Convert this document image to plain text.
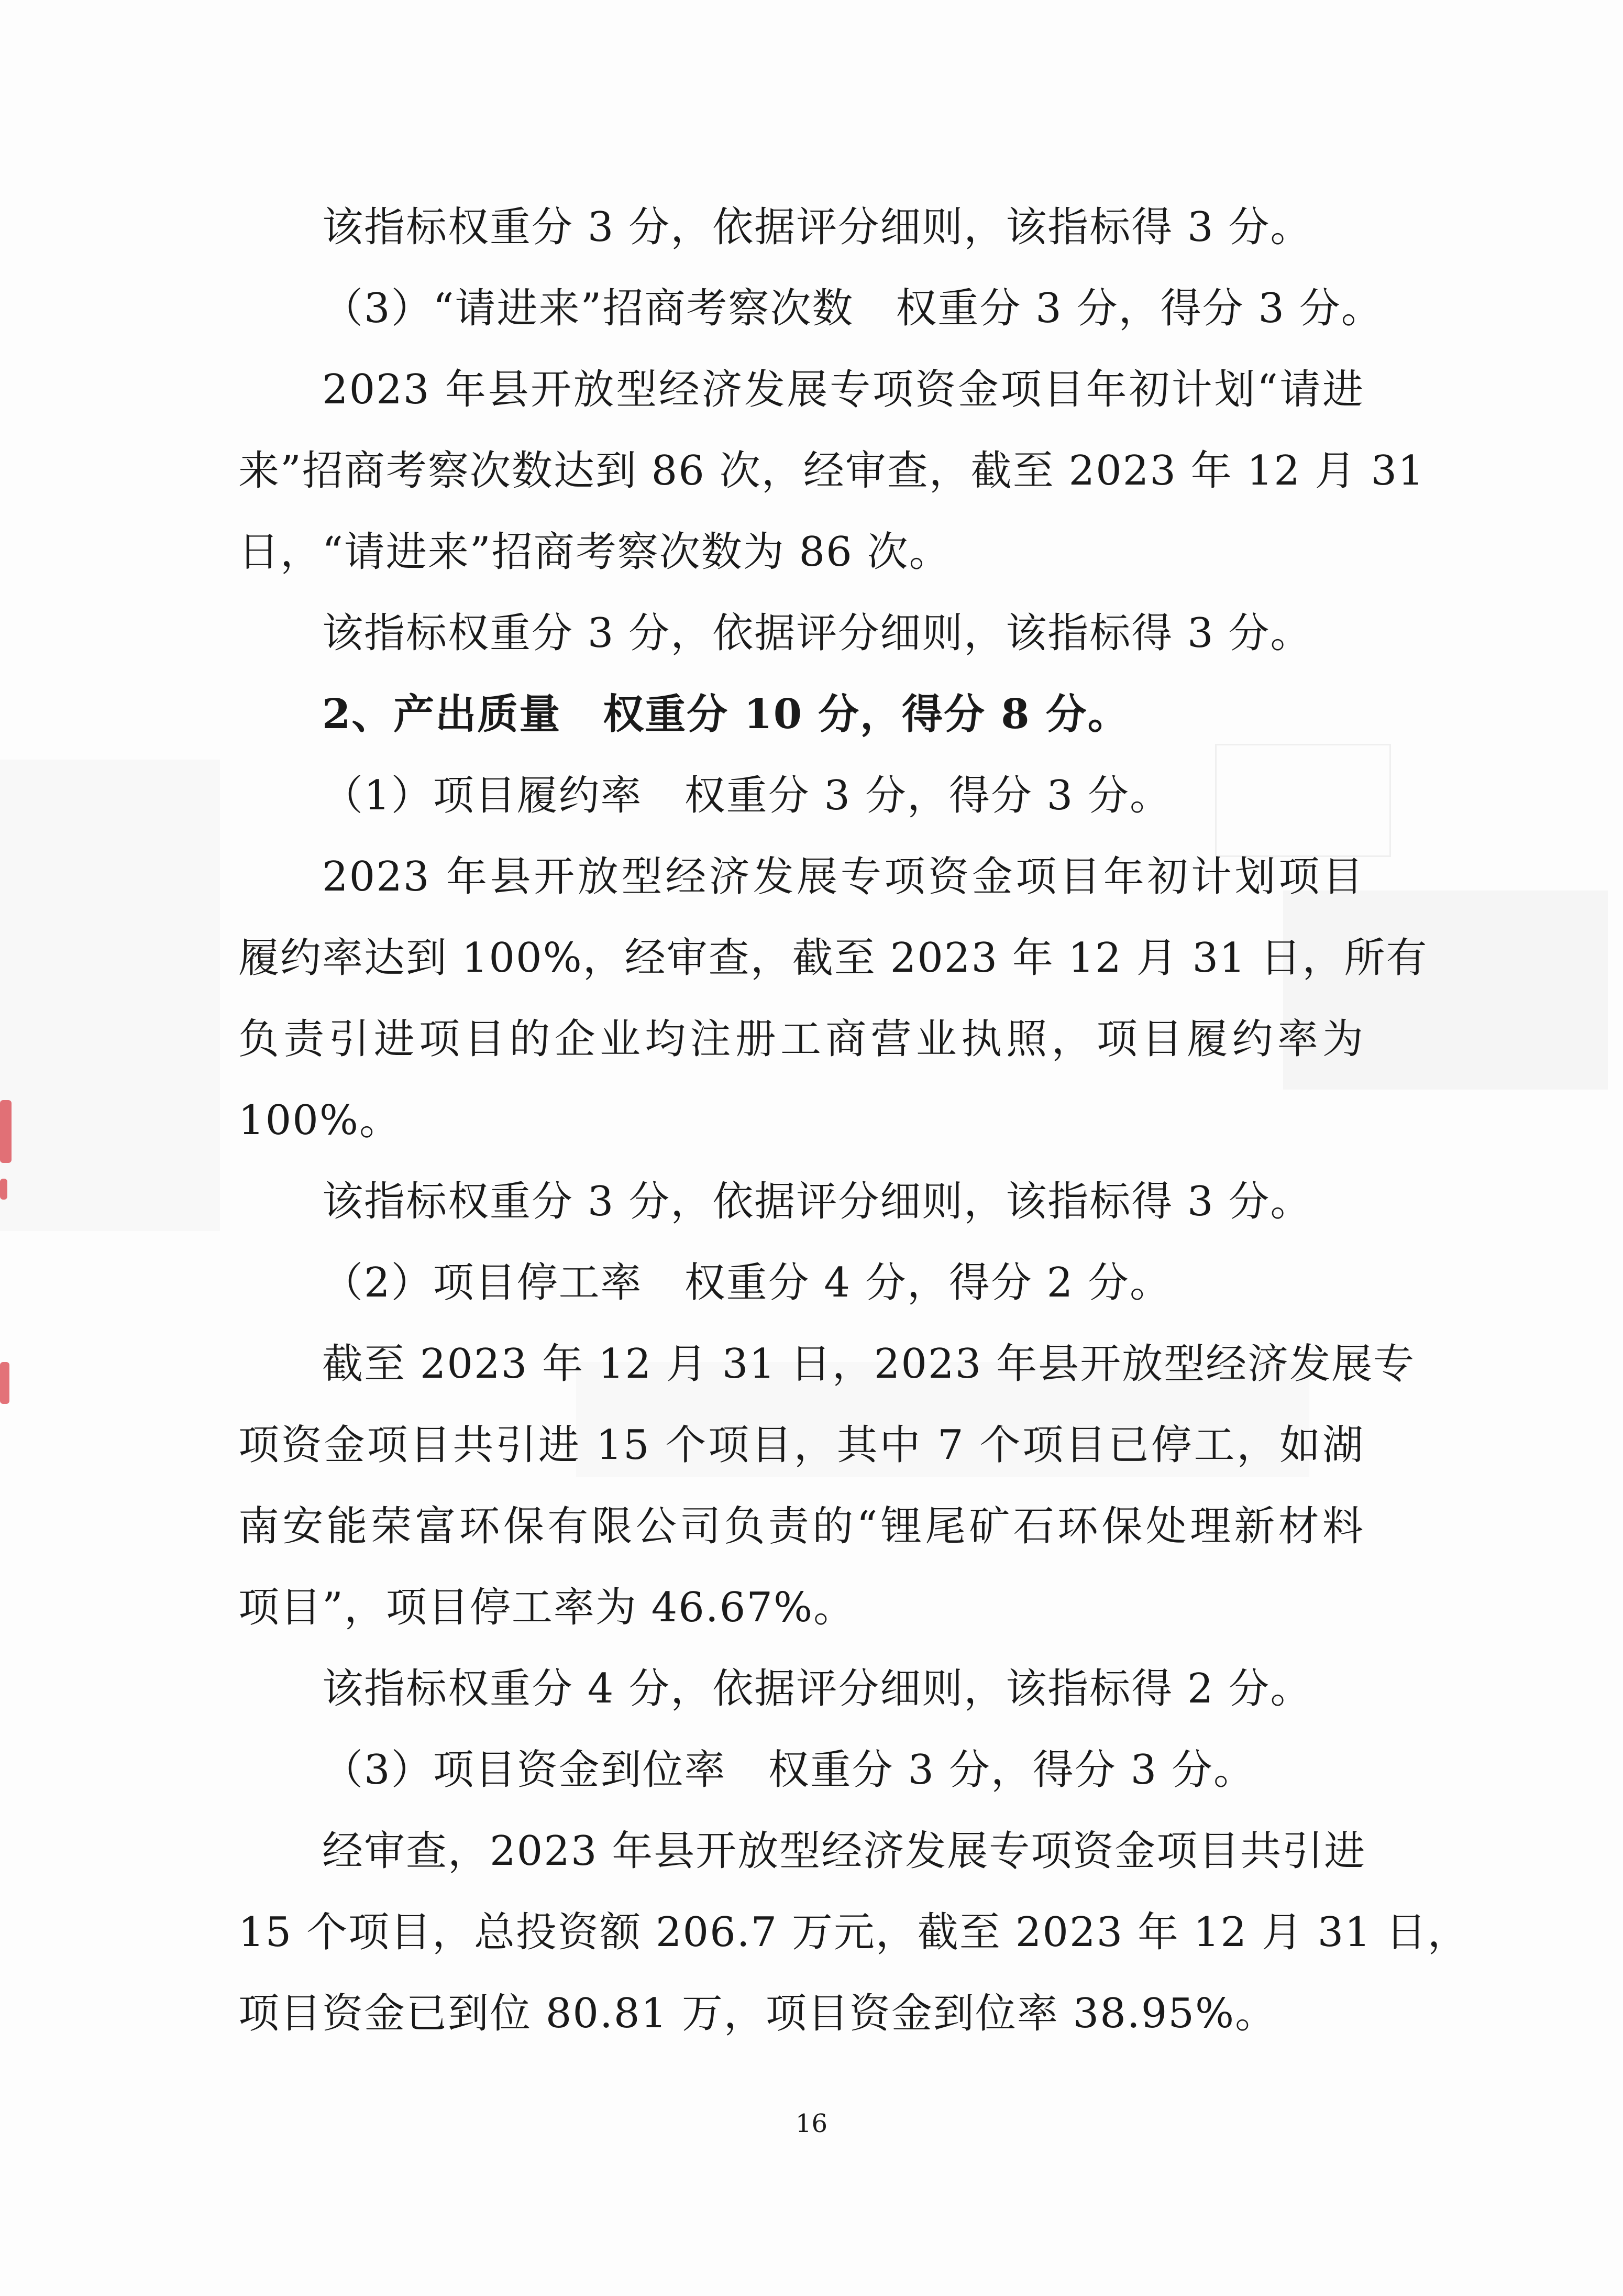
该指标权重分 3 分，依据评分细则，该指标得 3 分。
（3）“请进来”招商考察次数　权重分 3 分，得分 3 分。
2023 年县开放型经济发展专项资金项目年初计划“请进
来”招商考察次数达到 86 次，经审查，截至 2023 年 12 月 31
日，“请进来”招商考察次数为 86 次。
该指标权重分 3 分，依据评分细则，该指标得 3 分。
2、产出质量　权重分 10 分，得分 8 分。
（1）项目履约率　权重分 3 分，得分 3 分。
2023 年县开放型经济发展专项资金项目年初计划项目
履约率达到 100%，经审查，截至 2023 年 12 月 31 日，所有
负责引进项目的企业均注册工商营业执照，项目履约率为
100%。
该指标权重分 3 分，依据评分细则，该指标得 3 分。
（2）项目停工率　权重分 4 分，得分 2 分。
截至 2023 年 12 月 31 日，2023 年县开放型经济发展专
项资金项目共引进 15 个项目，其中 7 个项目已停工，如湖
南安能荣富环保有限公司负责的“锂尾矿石环保处理新材料
项目”，项目停工率为 46.67%。
该指标权重分 4 分，依据评分细则，该指标得 2 分。
（3）项目资金到位率　权重分 3 分，得分 3 分。
经审查，2023 年县开放型经济发展专项资金项目共引进
15 个项目，总投资额 206.7 万元，截至 2023 年 12 月 31 日，
项目资金已到位 80.81 万，项目资金到位率 38.95%。
16
